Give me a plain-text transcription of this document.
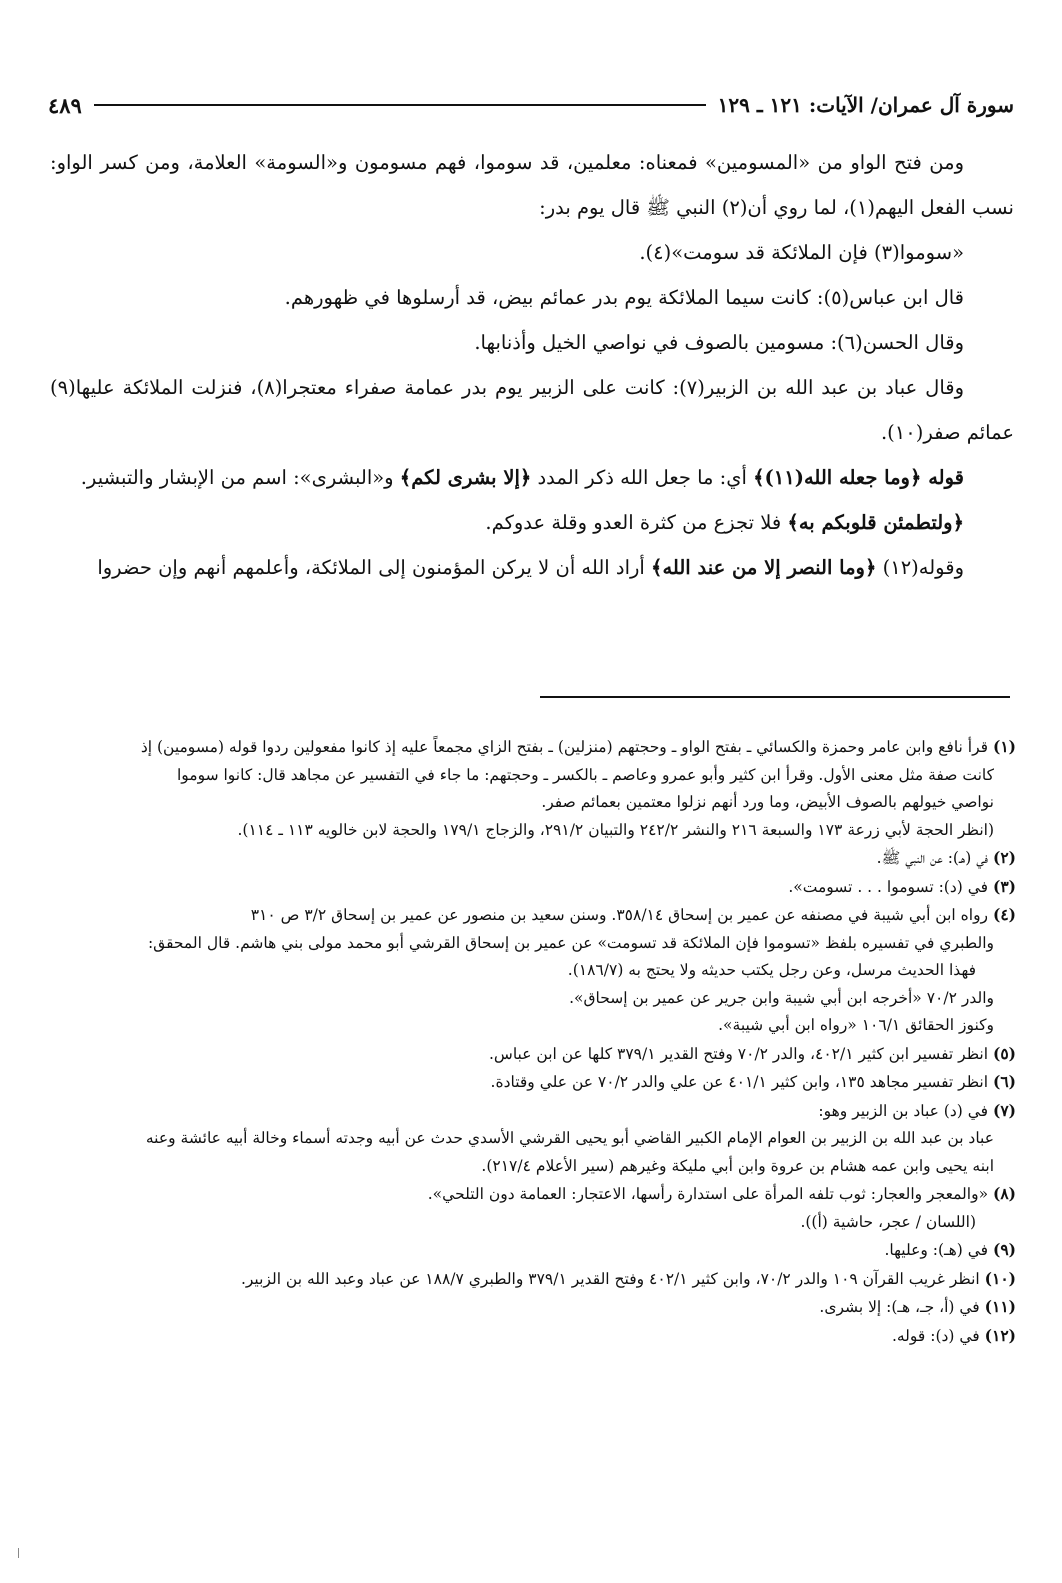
سورة آل عمران/ الآيات: ١٢١ ـ ١٢٩
٤٨٩

ومن فتح الواو من «المسومين» فمعناه: معلمين، قد سوموا، فهم مسومون و«السومة» العلامة، ومن كسر الواو: نسب الفعل اليهم(١)، لما روي أن(٢) النبي ﷺ قال يوم بدر:

«سوموا(٣) فإن الملائكة قد سومت»(٤).

قال ابن عباس(٥): كانت سيما الملائكة يوم بدر عمائم بيض، قد أرسلوها في ظهورهم.

وقال الحسن(٦): مسومين بالصوف في نواصي الخيل وأذنابها.

وقال عباد بن عبد الله بن الزبير(٧): كانت على الزبير يوم بدر عمامة صفراء معتجرا(٨)، فنزلت الملائكة عليها(٩) عمائم صفر(١٠).

قوله ﴿وما جعله الله(١١)﴾ أي: ما جعل الله ذكر المدد ﴿إلا بشرى لكم﴾ و«البشرى»: اسم من الإبشار والتبشير.

﴿ولتطمئن قلوبكم به﴾ فلا تجزع من كثرة العدو وقلة عدوكم.

وقوله(١٢) ﴿وما النصر إلا من عند الله﴾ أراد الله أن لا يركن المؤمنون إلى الملائكة، وأعلمهم أنهم وإن حضروا

(١) قرأ نافع وابن عامر وحمزة والكسائي ـ بفتح الواو ـ وحجتهم (منزلين) ـ بفتح الزاي مجمعاً عليه إذ كانوا مفعولين ردوا قوله (مسومين) إذ

كانت صفة مثل معنى الأول. وقرأ ابن كثير وأبو عمرو وعاصم ـ بالكسر ـ وحجتهم: ما جاء في التفسير عن مجاهد قال: كانوا سوموا

نواصي خيولهم بالصوف الأبيض، وما ورد أنهم نزلوا معتمين بعمائم صفر.

(انظر الحجة لأبي زرعة ١٧٣ والسبعة ٢١٦ والنشر ٢٤٢/٢ والتبيان ٢٩١/٢، والزجاج ١٧٩/١ والحجة لابن خالويه ١١٣ ـ ١١٤).

(٢) في (هـ): عن النبي ﷺ.

(٣) في (د): تسوموا . . . تسومت».

(٤) رواه ابن أبي شيبة في مصنفه عن عمير بن إسحاق ٣٥٨/١٤. وسنن سعيد بن منصور عن عمير بن إسحاق ٣/٢ ص ٣١٠

والطبري في تفسيره بلفظ «تسوموا فإن الملائكة قد تسومت» عن عمير بن إسحاق القرشي أبو محمد مولى بني هاشم. قال المحقق:

فهذا الحديث مرسل، وعن رجل يكتب حديثه ولا يحتج به (١٨٦/٧).

والدر ٧٠/٢ «أخرجه ابن أبي شيبة وابن جرير عن عمير بن إسحاق».

وكنوز الحقائق ١٠٦/١ «رواه ابن أبي شيبة».

(٥) انظر تفسير ابن كثير ٤٠٢/١، والدر ٧٠/٢ وفتح القدير ٣٧٩/١ كلها عن ابن عباس.

(٦) انظر تفسير مجاهد ١٣٥، وابن كثير ٤٠١/١ عن علي والدر ٧٠/٢ عن علي وقتادة.

(٧) في (د) عباد بن الزبير وهو:

عباد بن عبد الله بن الزبير بن العوام الإمام الكبير القاضي أبو يحيى القرشي الأسدي حدث عن أبيه وجدته أسماء وخالة أبيه عائشة وعنه

ابنه يحيى وابن عمه هشام بن عروة وابن أبي مليكة وغيرهم (سير الأعلام ٢١٧/٤).

(٨) «والمعجر والعجار: ثوب تلفه المرأة على استدارة رأسها، الاعتجار: العمامة دون التلحي».

(اللسان / عجر، حاشية (أ)).

(٩) في (هـ): وعليها.

(١٠) انظر غريب القرآن ١٠٩ والدر ٧٠/٢، وابن كثير ٤٠٢/١ وفتح القدير ٣٧٩/١ والطبري ١٨٨/٧ عن عباد وعبد الله بن الزبير.

(١١) في (أ، جـ، هـ): إلا بشرى.

(١٢) في (د): قوله.
